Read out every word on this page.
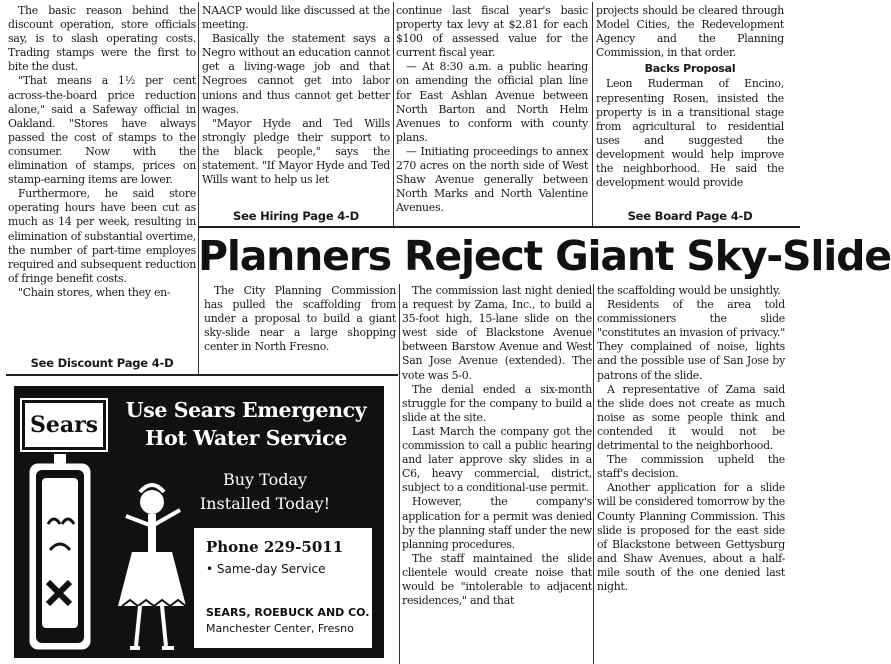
The basic reason behind the discount operation, store officials say, is to slash operating costs. Trading stamps were the first to bite the dust.

"That means a 1½ per cent across-the-board price reduction alone," said a Safeway official in Oakland. "Stores have always passed the cost of stamps to the consumer. Now with the elimination of stamps, prices on stamp-earning items are lower.

Furthermore, he said store operating hours have been cut as much as 14 per week, resulting in elimination of substantial overtime, the number of part-time employes required and subsequent reduction of fringe benefit costs.

"Chain stores, when they en-

See Discount Page 4-D

NAACP would like discussed at the meeting.

Basically the statement says a Negro without an education cannot get a living-wage job and that Negroes cannot get into labor unions and thus cannot get better wages.

"Mayor Hyde and Ted Wills strongly pledge their support to the black people," says the statement. "If Mayor Hyde and Ted Wills want to help us let

See Hiring Page 4-D

continue last fiscal year's basic property tax levy at $2.81 for each $100 of assessed value for the current fiscal year.

— At 8:30 a.m. a public hearing on amending the official plan line for East Ashlan Avenue between North Barton and North Helm Avenues to conform with county plans.

— Initiating proceedings to annex 270 acres on the north side of West Shaw Avenue generally between North Marks and North Valentine Avenues.

projects should be cleared through Model Cities, the Redevelopment Agency and the Planning Commission, in that order.

Backs Proposal

Leon Ruderman of Encino, representing Rosen, insisted the property is in a transitional stage from agricultural to residential uses and suggested the development would help improve the neighborhood. He said the development would provide

See Board Page 4-D
Planners Reject Giant Sky-Slide

The City Planning Commission has pulled the scaffolding from under a proposal to build a giant sky-slide near a large shopping center in North Fresno.

The commission last night denied a request by Zama, Inc., to build a 35-foot high, 15-lane slide on the west side of Blackstone Avenue between Barstow Avenue and West San Jose Avenue (extended). The vote was 5-0.

The denial ended a six-month struggle for the company to build a slide at the site.

Last March the company got the commission to call a public hearing and later approve sky slides in a C6, heavy commercial, district, subject to a conditional-use permit.

However, the company's application for a permit was denied by the planning staff under the new planning procedures.

The staff maintained the slide clientele would create noise that would be "intolerable to adjacent residences," and that

the scaffolding would be unsightly.

Residents of the area told commissioners the slide "constitutes an invasion of privacy." They complained of noise, lights and the possible use of San Jose by patrons of the slide.

A representative of Zama said the slide does not create as much noise as some people think and contended it would not be detrimental to the neighborhood.

The commission upheld the staff's decision.

Another application for a slide will be considered tomorrow by the County Planning Commission. This slide is proposed for the east side of Blackstone between Gettysburg and Shaw Avenues, about a half-mile south of the one denied last night.

Sears
Use Sears Emergency
Hot Water Service
Buy Today
Installed Today!
Phone 229-5011
• Same-day Service
SEARS, ROEBUCK AND CO.
Manchester Center, Fresno
